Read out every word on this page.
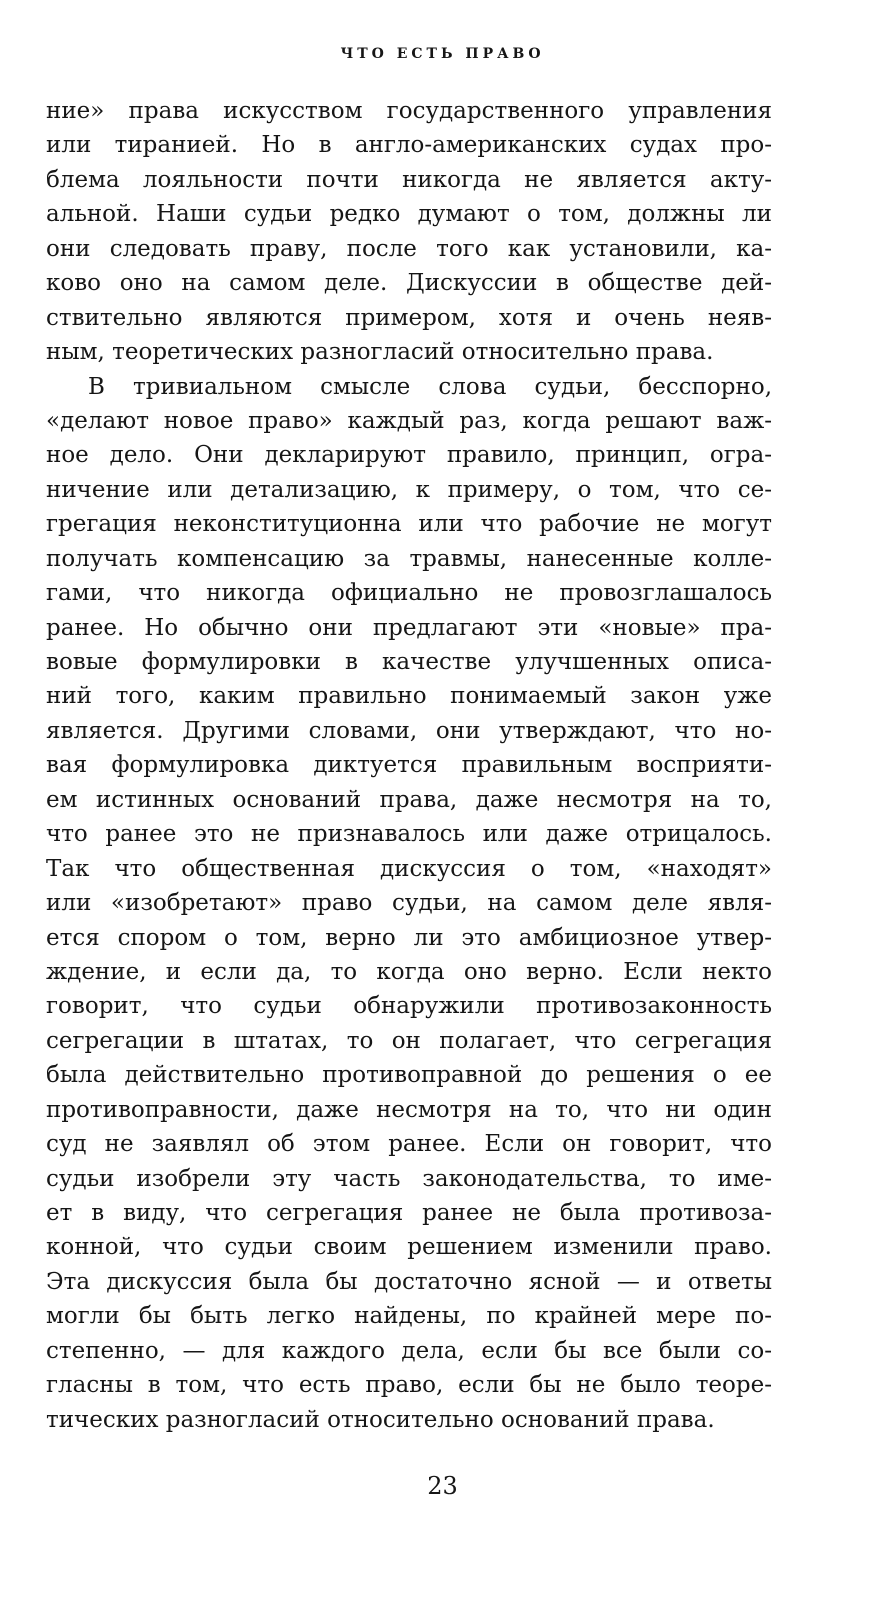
ЧТО ЕСТЬ ПРАВО
ние» права искусством государственного управления
или тиранией. Но в англо-американских судах про-
блема лояльности почти никогда не является акту-
альной. Наши судьи редко думают о том, должны ли
они следовать праву, после того как установили, ка-
ково оно на самом деле. Дискуссии в обществе дей-
ствительно являются примером, хотя и очень неяв-
ным, теоретических разногласий относительно права.
В тривиальном смысле слова судьи, бесспорно,
«делают новое право» каждый раз, когда решают важ-
ное дело. Они декларируют правило, принцип, огра-
ничение или детализацию, к примеру, о том, что се-
грегация неконституционна или что рабочие не могут
получать компенсацию за травмы, нанесенные колле-
гами, что никогда официально не провозглашалось
ранее. Но обычно они предлагают эти «новые» пра-
вовые формулировки в качестве улучшенных описа-
ний того, каким правильно понимаемый закон уже
является. Другими словами, они утверждают, что но-
вая формулировка диктуется правильным восприяти-
ем истинных оснований права, даже несмотря на то,
что ранее это не признавалось или даже отрицалось.
Так что общественная дискуссия о том, «находят»
или «изобретают» право судьи, на самом деле явля-
ется спором о том, верно ли это амбициозное утвер-
ждение, и если да, то когда оно верно. Если некто
говорит, что судьи обнаружили противозаконность
сегрегации в штатах, то он полагает, что сегрегация
была действительно противоправной до решения о ее
противоправности, даже несмотря на то, что ни один
суд не заявлял об этом ранее. Если он говорит, что
судьи изобрели эту часть законодательства, то име-
ет в виду, что сегрегация ранее не была противоза-
конной, что судьи своим решением изменили право.
Эта дискуссия была бы достаточно ясной — и ответы
могли бы быть легко найдены, по крайней мере по-
степенно, — для каждого дела, если бы все были со-
гласны в том, что есть право, если бы не было теоре-
тических разногласий относительно оснований права.
23
